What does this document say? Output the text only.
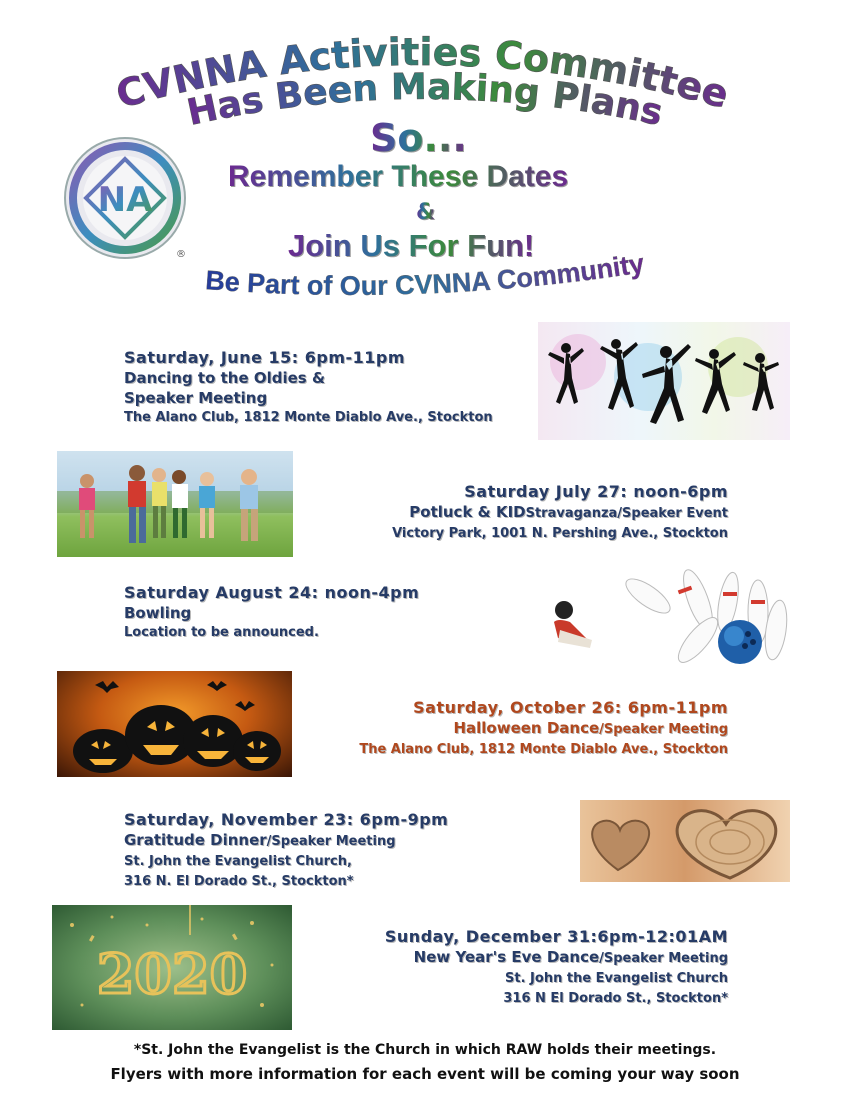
CVNNA Activities Committee
Has Been Making Plans
So...
NA
®
Remember These Dates
&
Join Us For Fun!
Be Part of Our CVNNA Community
Saturday, June 15: 6pm-11pm
Dancing to the Oldies &
Speaker Meeting
The Alano Club, 1812 Monte Diablo Ave., Stockton
Saturday July 27: noon-6pm
Potluck & KIDStravaganza/Speaker Event
Victory Park, 1001 N. Pershing Ave., Stockton
Saturday August 24: noon-4pm
Bowling
Location to be announced.
Saturday, October 26: 6pm-11pm
Halloween Dance/Speaker Meeting
The Alano Club, 1812 Monte Diablo Ave., Stockton
Saturday, November 23: 6pm-9pm
Gratitude Dinner/Speaker Meeting
St. John the Evangelist Church,
316 N. El Dorado St., Stockton*
2020
Sunday, December 31:6pm-12:01AM
New Year's Eve Dance/Speaker Meeting
St. John the Evangelist Church
316 N El Dorado St., Stockton*
*St. John the Evangelist is the Church in which RAW holds their meetings.
Flyers with more information for each event will be coming your way soon
